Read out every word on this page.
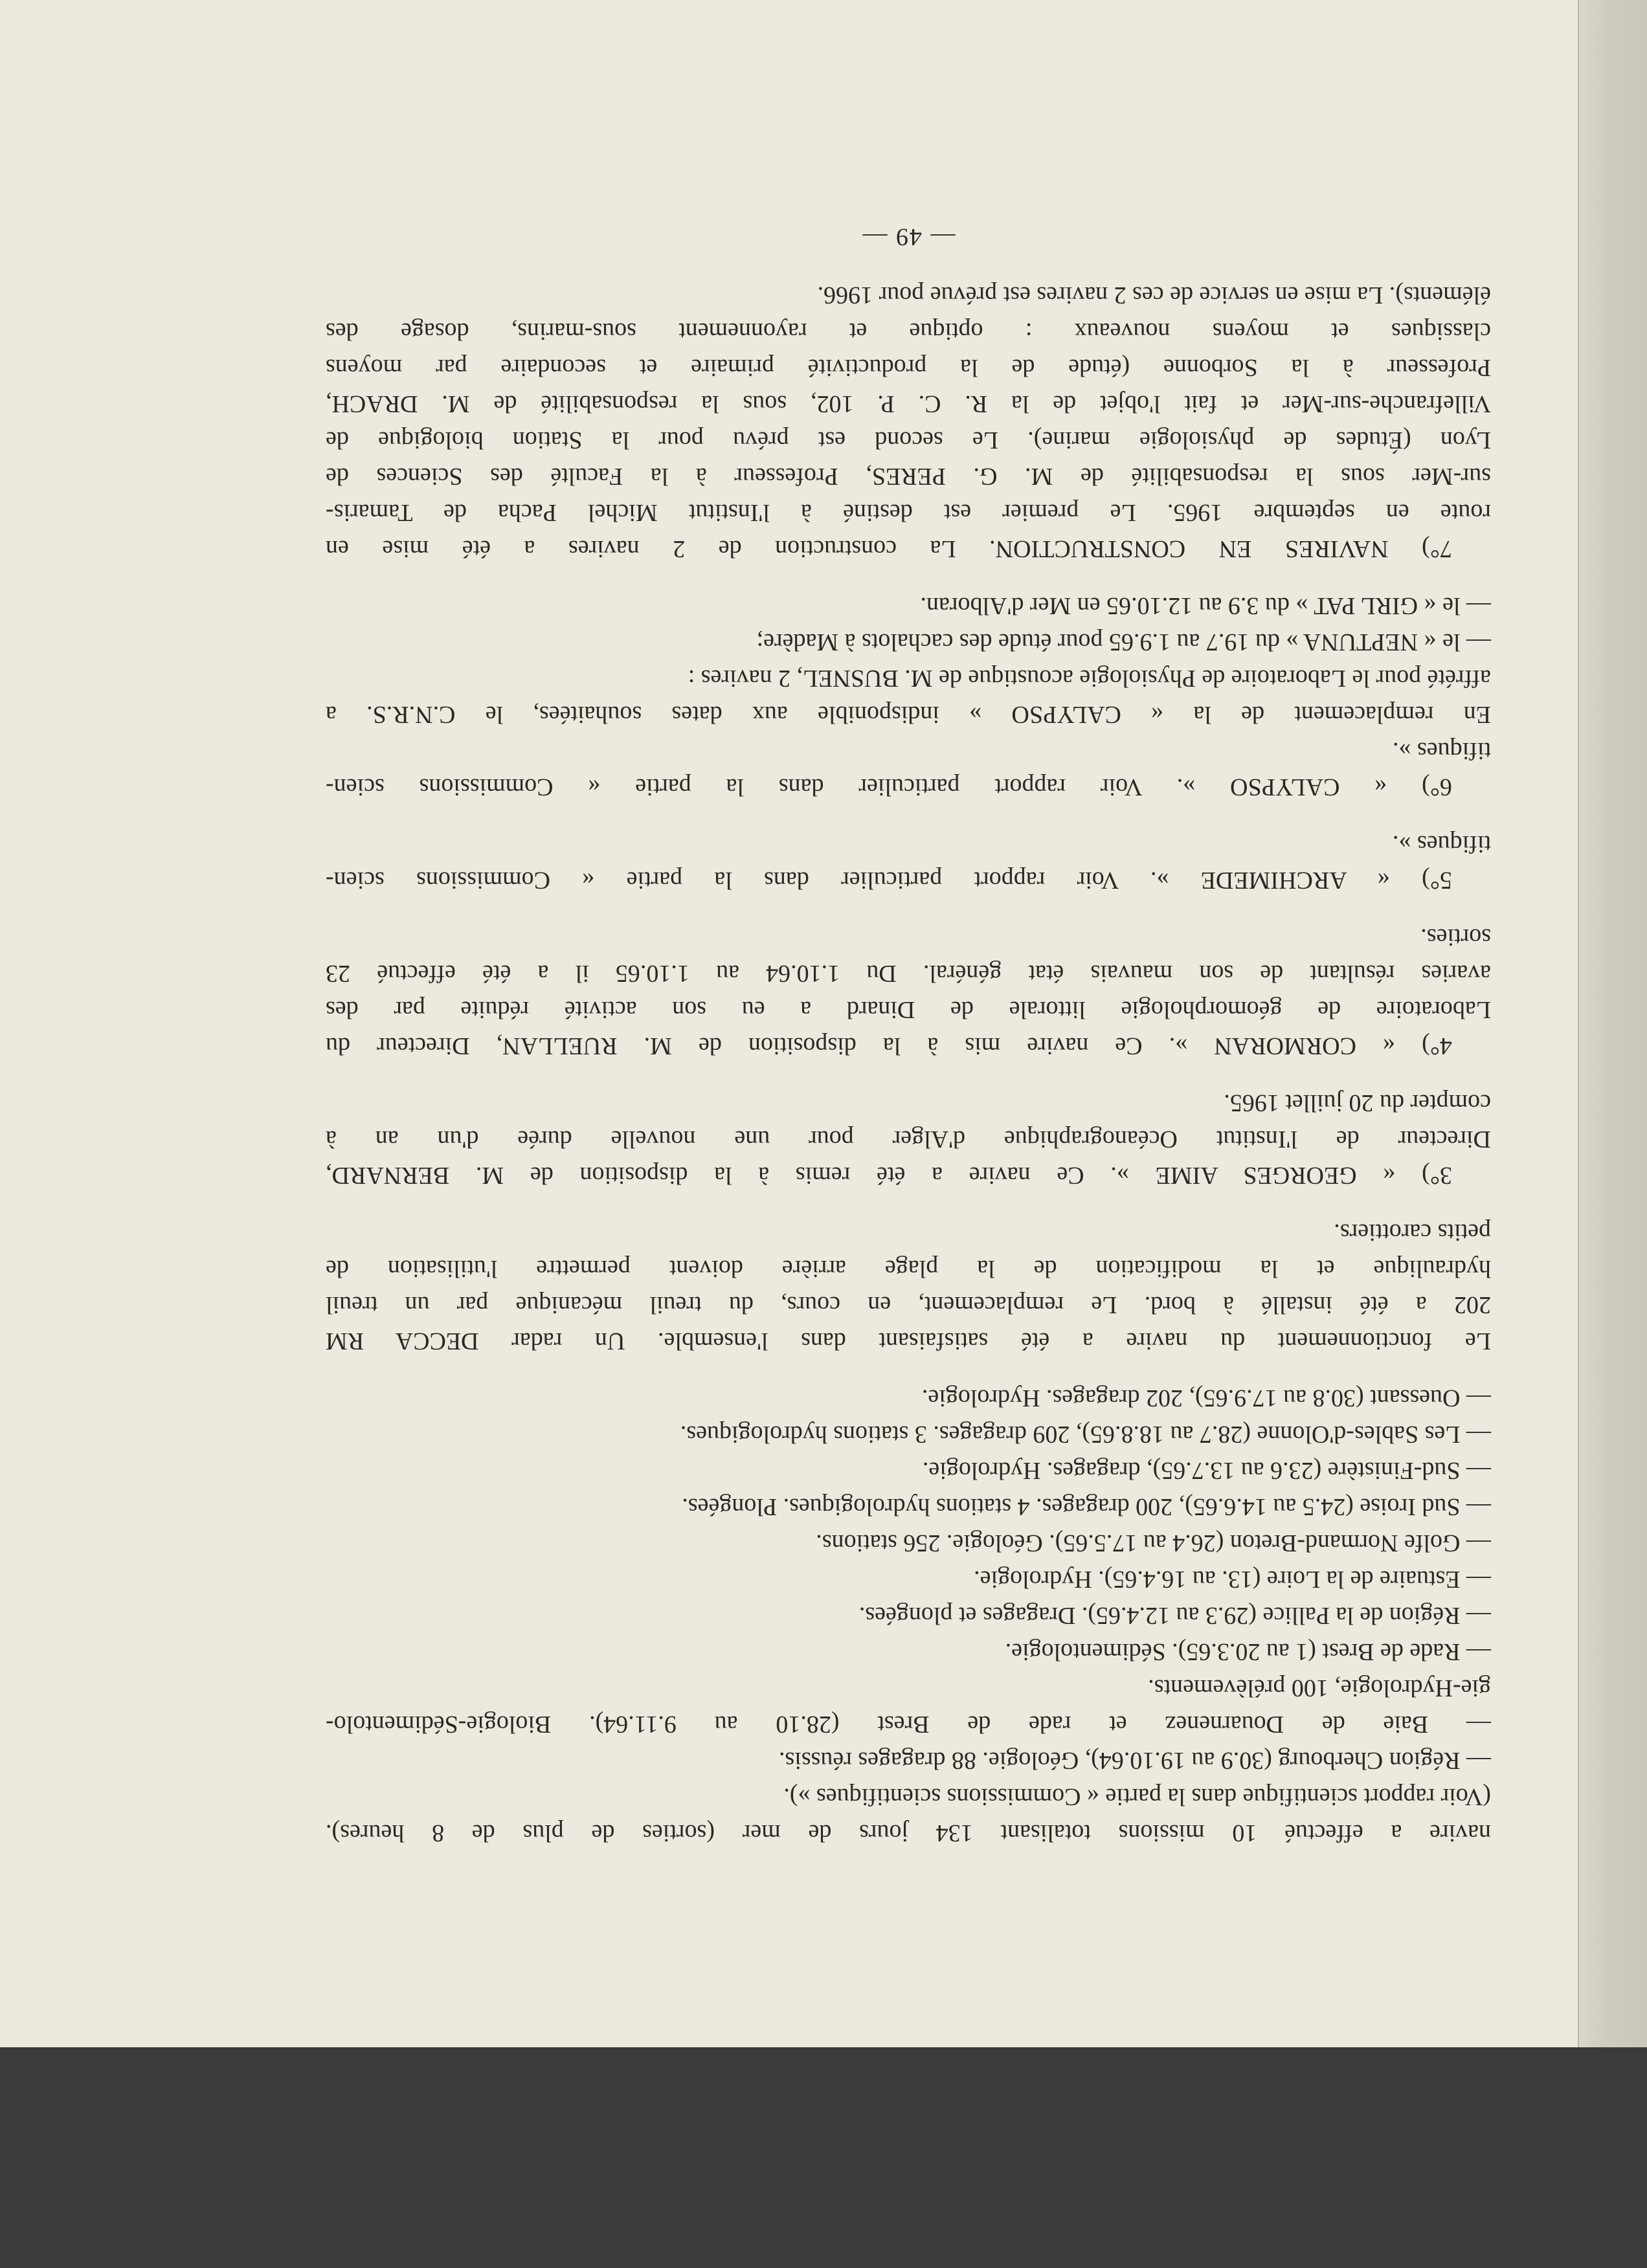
navire a effectué 10 missions totalisant 134 jours de mer (sorties de plus de 8 heures).
(Voir rapport scientifique dans la partie « Commissions scientifiques »).
— Région Cherbourg (30.9 au 19.10.64), Géologie. 88 dragages réussis.
— Baie de Douarnenez et rade de Brest (28.10 au 9.11.64). Biologie-Sédimentolo-
gie-Hydrologie, 100 prélèvements.
— Rade de Brest (1 au 20.3.65). Sédimentologie.
— Région de la Pallice (29.3 au 12.4.65). Dragages et plongées.
— Estuaire de la Loire (13. au 16.4.65). Hydrologie.
— Golfe Normand-Breton (26.4 au 17.5.65). Géologie. 256 stations.
— Sud Iroise (24.5 au 14.6.65), 200 dragages. 4 stations hydrologiques. Plongées.
— Sud-Finistère (23.6 au 13.7.65), dragages. Hydrologie.
— Les Sables-d'Olonne (28.7 au 18.8.65), 209 dragages. 3 stations hydrologiques.
— Ouessant (30.8 au 17.9.65), 202 dragages. Hydrologie.
Le fonctionnement du navire a été satisfaisant dans l'ensemble. Un radar DECCA RM
202 a été installé à bord. Le remplacement, en cours, du treuil mécanique par un treuil
hydraulique et la modification de la plage arrière doivent permettre l'utilisation de
petits carottiers.
3°) « GEORGES AIME ». Ce navire a été remis à la disposition de M. BERNARD,
Directeur de l'Institut Océanographique d'Alger pour une nouvelle durée d'un an à
compter du 20 juillet 1965.
4°) « CORMORAN ». Ce navire mis à la disposition de M. RUELLAN, Directeur du
Laboratoire de géomorphologie littorale de Dinard a eu son activité réduite par des
avaries résultant de son mauvais état général. Du 1.10.64 au 1.10.65 il a été effectué 23
sorties.
5°) « ARCHIMEDE ». Voir rapport particulier dans la partie « Commissions scien-
tifiques ».
6°) « CALYPSO ». Voir rapport particulier dans la partie « Commissions scien-
tifiques ».
En remplacement de la « CALYPSO » indisponible aux dates souhaitées, le C.N.R.S. a
affrété pour le Laboratoire de Physiologie acoustique de M. BUSNEL, 2 navires :
— le « NEPTUNA » du 19.7 au 1.9.65 pour étude des cachalots à Madère;
— le « GIRL PAT » du 3.9 au 12.10.65 en Mer d'Alboran.
7°) NAVIRES EN CONSTRUCTION. La construction de 2 navires a été mise en
route en septembre 1965. Le premier est destiné à l'Institut Michel Pacha de Tamaris-
sur-Mer sous la responsabilité de M. G. PERES, Professeur à la Faculté des Sciences de
Lyon (Études de physiologie marine). Le second est prévu pour la Station biologique de
Villefranche-sur-Mer et fait l'objet de la R. C. P. 102, sous la responsabilité de M. DRACH,
Professeur à la Sorbonne (étude de la productivité primaire et secondaire par moyens
classiques et moyens nouveaux : optique et rayonnement sous-marins, dosage des
éléments). La mise en service de ces 2 navires est prévue pour 1966.
— 49 —
